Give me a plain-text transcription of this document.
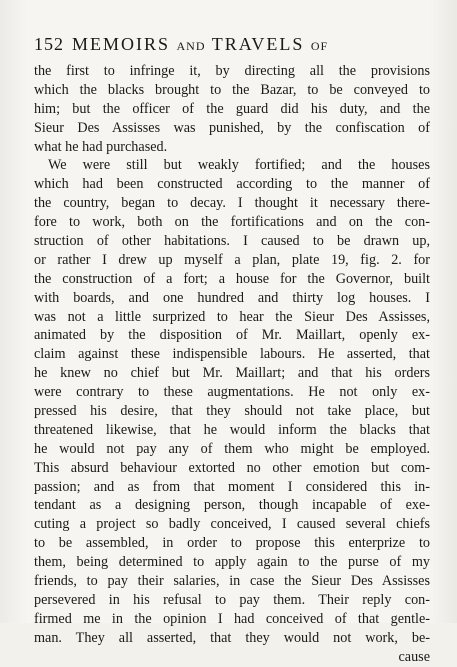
152 MEMOIRS AND TRAVELS OF
the first to infringe it, by directing all the provisions
which the blacks brought to the Bazar, to be conveyed to
him; but the officer of the guard did his duty, and the
Sieur Des Assisses was punished, by the confiscation of
what he had purchased.
We were still but weakly fortified; and the houses
which had been constructed according to the manner of
the country, began to decay. I thought it necessary there-
fore to work, both on the fortifications and on the con-
struction of other habitations. I caused to be drawn up,
or rather I drew up myself a plan, plate 19, fig. 2. for
the construction of a fort; a house for the Governor, built
with boards, and one hundred and thirty log houses. I
was not a little surprized to hear the Sieur Des Assisses,
animated by the disposition of Mr. Maillart, openly ex-
claim against these indispensible labours. He asserted, that
he knew no chief but Mr. Maillart; and that his orders
were contrary to these augmentations. He not only ex-
pressed his desire, that they should not take place, but
threatened likewise, that he would inform the blacks that
he would not pay any of them who might be employed.
This absurd behaviour extorted no other emotion but com-
passion; and as from that moment I considered this in-
tendant as a designing person, though incapable of exe-
cuting a project so badly conceived, I caused several chiefs
to be assembled, in order to propose this enterprize to
them, being determined to apply again to the purse of my
friends, to pay their salaries, in case the Sieur Des Assisses
persevered in his refusal to pay them. Their reply con-
firmed me in the opinion I had conceived of that gentle-
man. They all asserted, that they would not work, be-
cause
